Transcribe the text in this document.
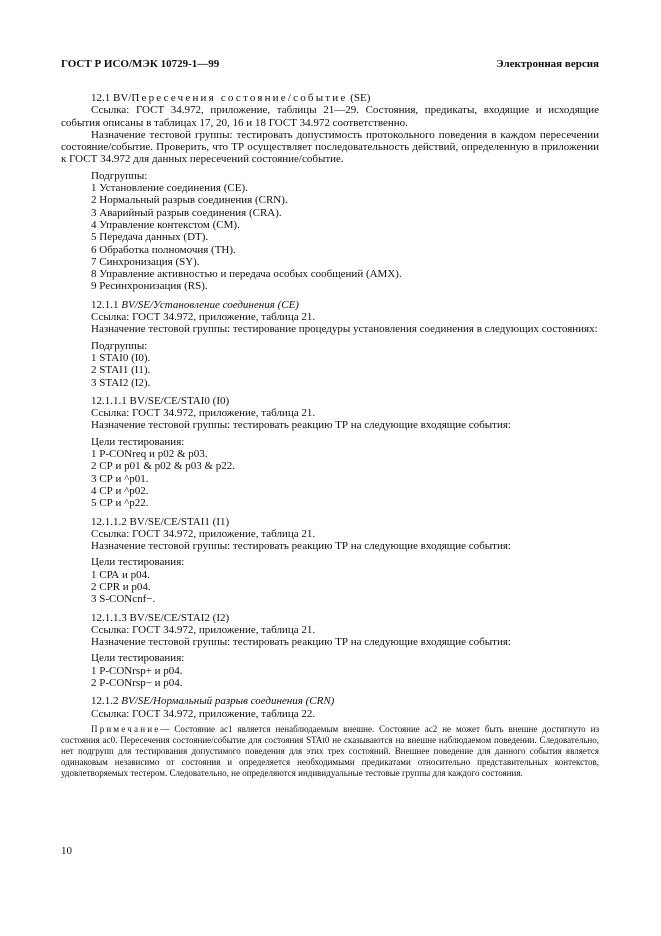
ГОСТ Р ИСО/МЭК 10729-1—99	Электронная версия
12.1 BV/Пересечения состояние/событие (SE)

Ссылка: ГОСТ 34.972, приложение, таблицы 21—29. Состояния, предикаты, входящие и исходящие события описаны в таблицах 17, 20, 16 и 18 ГОСТ 34.972 соответственно.

Назначение тестовой группы: тестировать допустимость протокольного поведения в каждом пересечении состояние/событие. Проверить, что ТР осуществляет последовательность действий, определенную в приложении к ГОСТ 34.972 для данных пересечений состояние/событие.

Подгруппы:
1 Установление соединения (СЕ).
2 Нормальный разрыв соединения (CRN).
3 Аварийный разрыв соединения (CRA).
4 Управление контекстом (CM).
5 Передача данных (DT).
6 Обработка полномочия (TH).
7 Синхронизация (SY).
8 Управление активностью и передача особых сообщений (AMX).
9 Ресинхронизация (RS).
12.1.1 BV/SE/Установление соединения (СЕ)
Ссылка: ГОСТ 34.972, приложение, таблица 21.

Назначение тестовой группы: тестирование процедуры установления соединения в следующих состояниях:

Подгруппы:
1 STAI0 (I0).
2 STAI1 (I1).
3 STAI2 (I2).
12.1.1.1 BV/SE/CE/STAI0 (I0)
Ссылка: ГОСТ 34.972, приложение, таблица 21.
Назначение тестовой группы: тестировать реакцию ТР на следующие входящие события:
Цели тестирования:
1 P-CONreq и p02 & p03.
2 СР и p01 & p02 & p03 & p22.
3 СР и ^p01.
4 СР и ^p02.
5 СР и ^p22.
12.1.1.2 BV/SE/CE/STAI1 (I1)
Ссылка: ГОСТ 34.972, приложение, таблица 21.
Назначение тестовой группы: тестировать реакцию ТР на следующие входящие события:
Цели тестирования:
1 СРА и p04.
2 CPR и p04.
3 S-CONcnf−.
12.1.1.3 BV/SE/CE/STAI2 (I2)
Ссылка: ГОСТ 34.972, приложение, таблица 21.
Назначение тестовой группы: тестировать реакцию ТР на следующие входящие события:
Цели тестирования:
1 P-CONrsp+ и p04.
2 P-CONrsp− и p04.
12.1.2 BV/SE/Нормальный разрыв соединения (CRN)
Ссылка: ГОСТ 34.972, приложение, таблица 22.

Примечание— Состояние ас1 является ненаблюдаемым внешне. Состояние ас2 не может быть внешне достигнуто из состояния ас0. Пересечения состояние/событие для состояния STAt0 не сказываются на внешне наблюдаемом поведении. Следовательно, нет подгрупп для тестирования допустимого поведения для этих трех состояний. Внешнее поведение для данного события является одинаковым независимо от состояния и определяется необходимыми предикатами относительно представительных контекстов, удовлетворяемых тестером. Следовательно, не определяются индивидуальные тестовые группы для каждого состояния.

10
